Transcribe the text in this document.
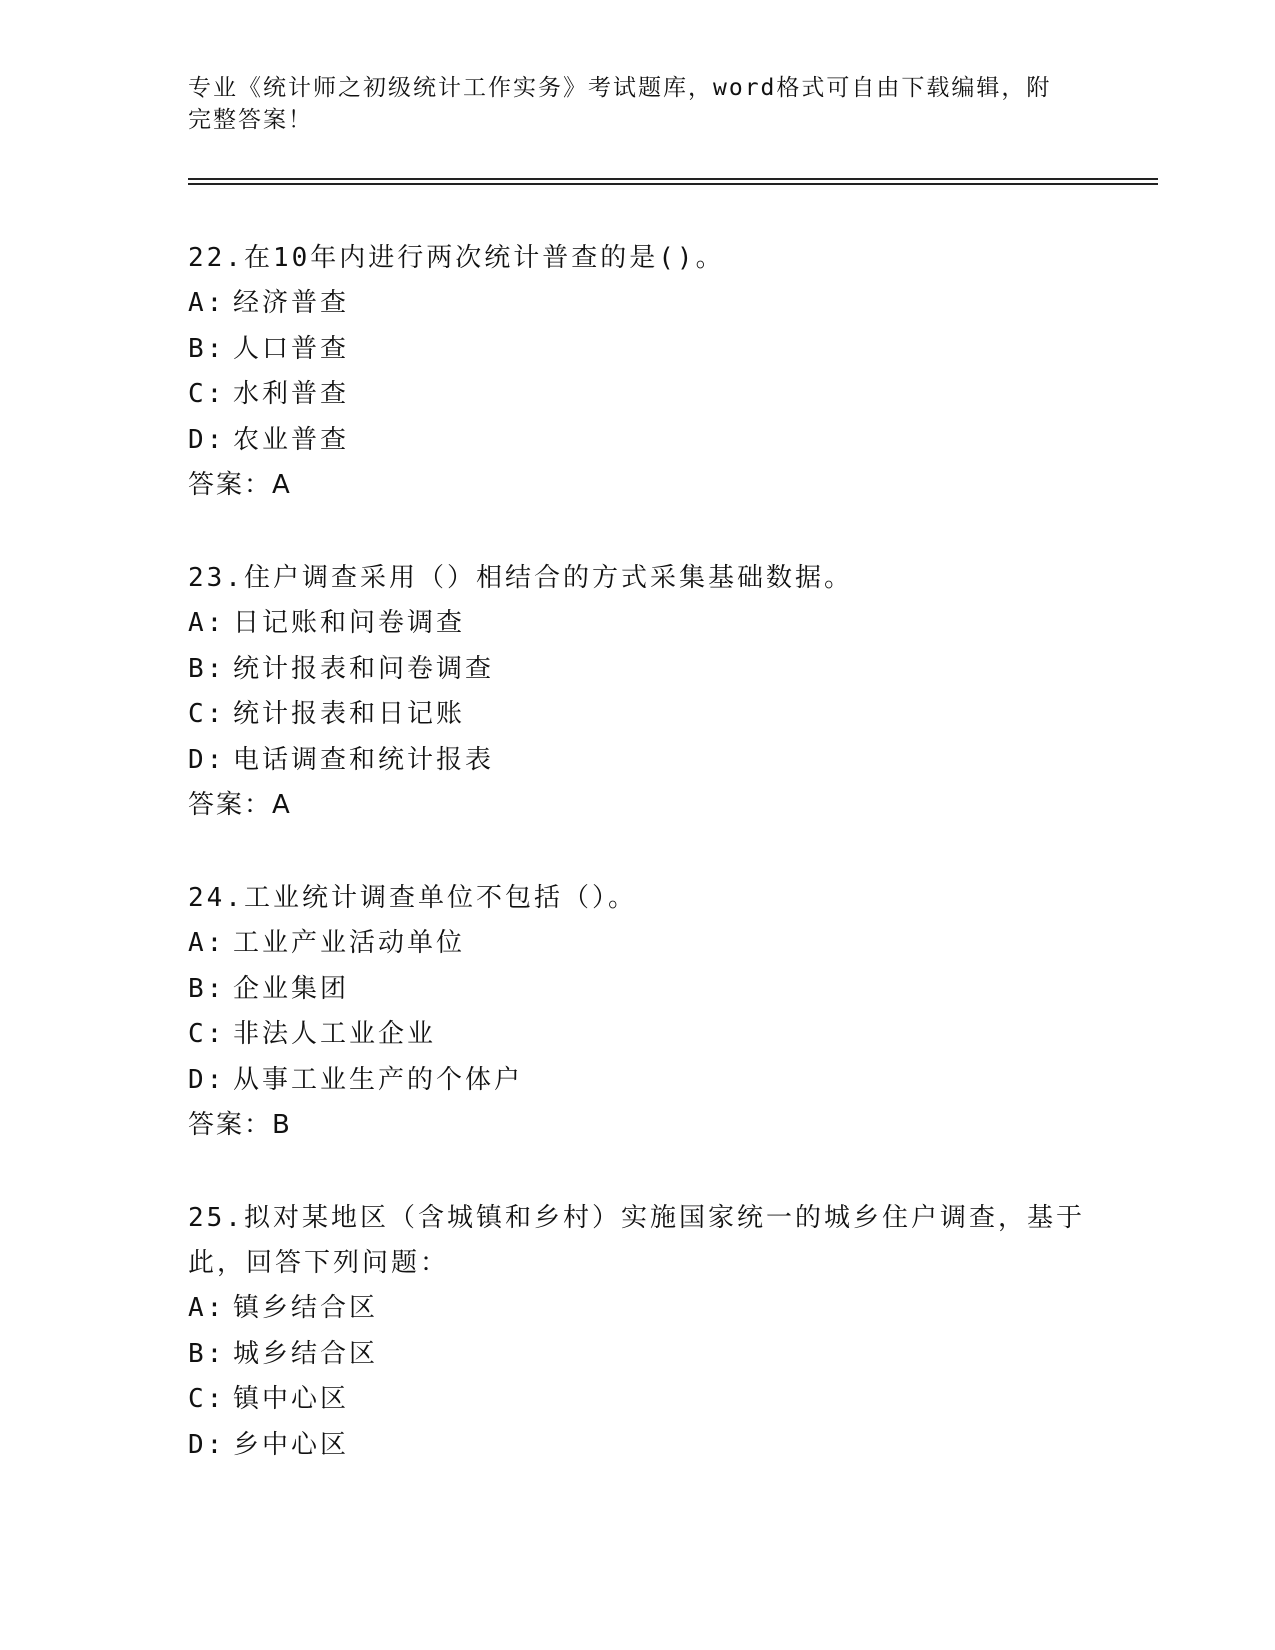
专业《统计师之初级统计工作实务》考试题库，word格式可自由下载编辑，附完整答案！

22.在10年内进行两次统计普查的是()。

A: 经济普查

B: 人口普查

C: 水利普查

D: 农业普查

答案：A

23.住户调查采用（）相结合的方式采集基础数据。

A: 日记账和问卷调查

B: 统计报表和问卷调查

C: 统计报表和日记账

D: 电话调查和统计报表

答案：A

24.工业统计调查单位不包括（）。

A: 工业产业活动单位

B: 企业集团

C: 非法人工业企业

D: 从事工业生产的个体户

答案：B

25.拟对某地区（含城镇和乡村）实施国家统一的城乡住户调查，基于此，回答下列问题：

A: 镇乡结合区

B: 城乡结合区

C: 镇中心区

D: 乡中心区
